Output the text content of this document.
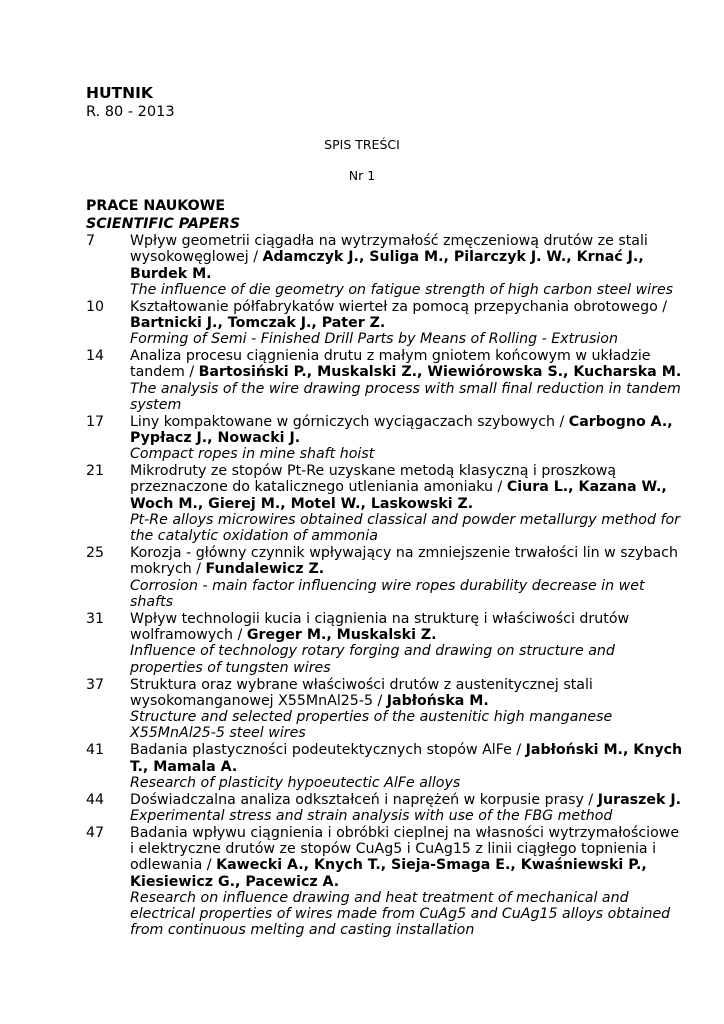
HUTNIK
R. 80 - 2013
SPIS TREŚCI
Nr 1
PRACE NAUKOWE
SCIENTIFIC PAPERS
7	Wpływ geometrii ciągadła na wytrzymałość zmęczeniową drutów ze stali wysokowęglowej / Adamczyk J., Suliga M., Pilarczyk J. W., Krnać J., Burdek M.
The influence of die geometry on fatigue strength of high carbon steel wires
10	Kształtowanie półfabrykatów wierteł za pomocą przepychania obrotowego / Bartnicki J., Tomczak J., Pater Z.
Forming of Semi - Finished Drill Parts by Means of Rolling - Extrusion
14	Analiza procesu ciągnienia drutu z małym gniotem końcowym w układzie tandem / Bartosiński P., Muskalski Z., Wiewiórowska S., Kucharska M.
The analysis of the wire drawing process with small final reduction in tandem system
17	Liny kompaktowane w górniczych wyciągaczach szybowych / Carbogno A., Pypłacz J., Nowacki J.
Compact ropes in mine shaft hoist
21	Mikrodruty ze stopów Pt-Re uzyskane metodą klasyczną i proszkową przeznaczone do katalicznego utleniania amoniaku / Ciura L., Kazana W., Woch M., Gierej M., Motel W., Laskowski Z.
Pt-Re alloys microwires obtained classical and powder metallurgy method for the catalytic oxidation of ammonia
25	Korozja - główny czynnik wpływający na zmniejszenie trwałości lin w szybach mokrych / Fundalewicz Z.
Corrosion - main factor influencing wire ropes durability decrease in wet shafts
31	Wpływ technologii kucia i ciągnienia na strukturę i właściwości drutów wolframowych / Greger M., Muskalski Z.
Influence of technology rotary forging and drawing on structure and properties of tungsten wires
37	Struktura oraz wybrane właściwości drutów z austenitycznej stali wysokomanganowej X55MnAl25-5 / Jabłońska M.
Structure and selected properties of the austenitic high manganese X55MnAl25-5 steel wires
41	Badania plastyczności podeutektycznych stopów AlFe / Jabłoński M., Knych T., Mamala A.
Research of plasticity hypoeutectic AlFe alloys
44	Doświadczalna analiza odkształceń i naprężeń w korpusie prasy / Juraszek J.
Experimental stress and strain analysis with use of the FBG method
47	Badania wpływu ciągnienia i obróbki cieplnej na własności wytrzymałościowe i elektryczne drutów ze stopów CuAg5 i CuAg15 z linii ciągłego topnienia i odlewania / Kawecki A., Knych T., Sieja-Smaga E., Kwaśniewski P., Kiesiewicz G., Pacewicz A.
Research on influence drawing and heat treatment of mechanical and electrical properties of wires made from CuAg5 and CuAg15 alloys obtained from continuous melting and casting installation
